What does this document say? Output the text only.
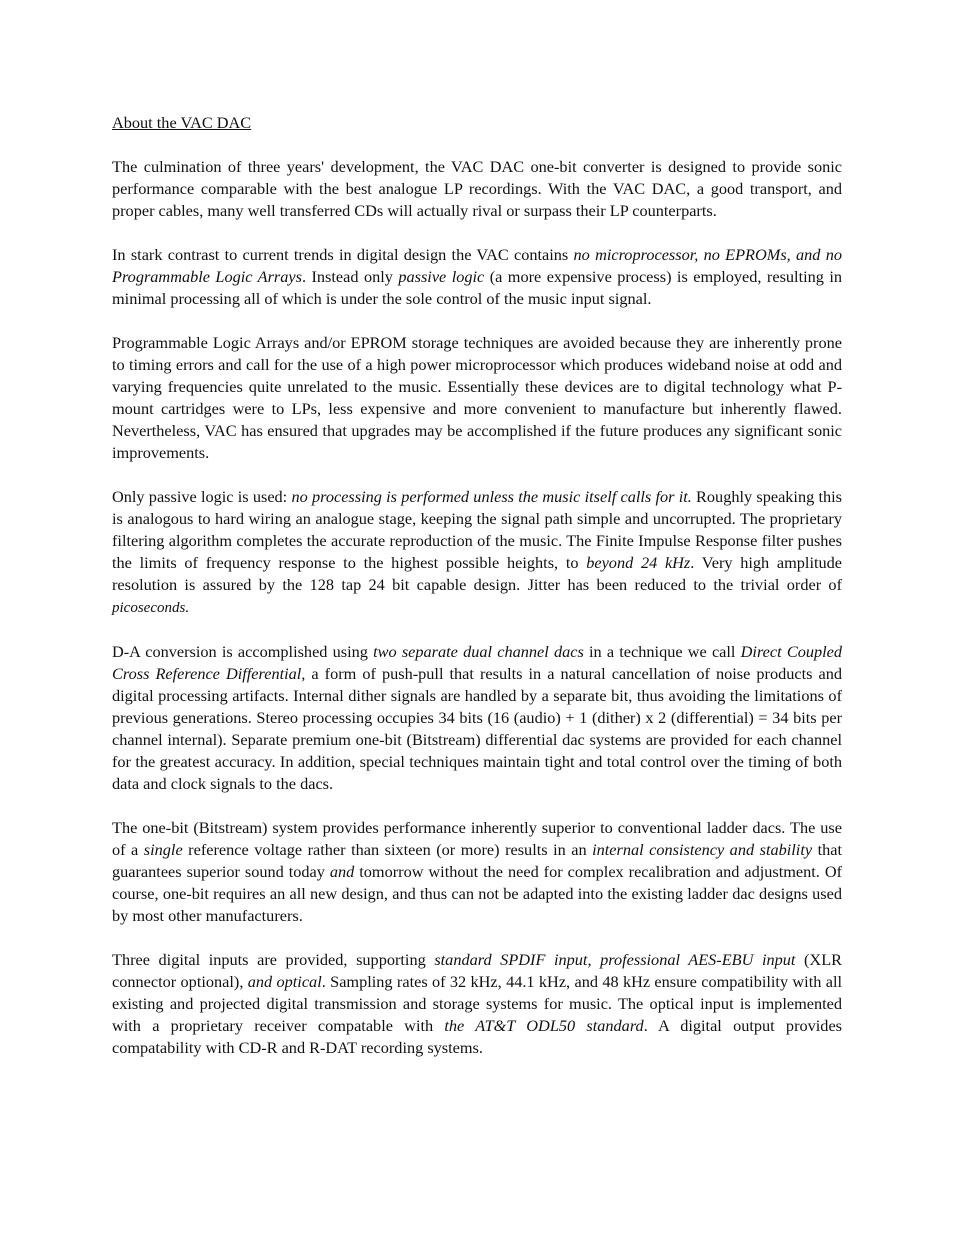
About the VAC DAC

The culmination of three years' development, the VAC DAC one-bit converter is designed to provide sonic performance comparable with the best analogue LP recordings. With the VAC DAC, a good transport, and proper cables, many well transferred CDs will actually rival or surpass their LP counterparts.

In stark contrast to current trends in digital design the VAC contains no microprocessor, no EPROMs, and no Programmable Logic Arrays. Instead only passive logic (a more expensive process) is employed, resulting in minimal processing all of which is under the sole control of the music input signal.

Programmable Logic Arrays and/or EPROM storage techniques are avoided because they are inherently prone to timing errors and call for the use of a high power microprocessor which produces wideband noise at odd and varying frequencies quite unrelated to the music. Essentially these devices are to digital technology what P-mount cartridges were to LPs, less expensive and more convenient to manufacture but inherently flawed. Nevertheless, VAC has ensured that upgrades may be accomplished if the future produces any significant sonic improvements.

Only passive logic is used: no processing is performed unless the music itself calls for it. Roughly speaking this is analogous to hard wiring an analogue stage, keeping the signal path simple and uncorrupted. The proprietary filtering algorithm completes the accurate reproduction of the music. The Finite Impulse Response filter pushes the limits of frequency response to the highest possible heights, to beyond 24 kHz. Very high amplitude resolution is assured by the 128 tap 24 bit capable design. Jitter has been reduced to the trivial order of picoseconds.

D-A conversion is accomplished using two separate dual channel dacs in a technique we call Direct Coupled Cross Reference Differential, a form of push-pull that results in a natural cancellation of noise products and digital processing artifacts. Internal dither signals are handled by a separate bit, thus avoiding the limitations of previous generations. Stereo processing occupies 34 bits (16 (audio) + 1 (dither) x 2 (differential) = 34 bits per channel internal). Separate premium one-bit (Bitstream) differential dac systems are provided for each channel for the greatest accuracy. In addition, special techniques maintain tight and total control over the timing of both data and clock signals to the dacs.

The one-bit (Bitstream) system provides performance inherently superior to conventional ladder dacs. The use of a single reference voltage rather than sixteen (or more) results in an internal consistency and stability that guarantees superior sound today and tomorrow without the need for complex recalibration and adjustment. Of course, one-bit requires an all new design, and thus can not be adapted into the existing ladder dac designs used by most other manufacturers.

Three digital inputs are provided, supporting standard SPDIF input, professional AES-EBU input (XLR connector optional), and optical. Sampling rates of 32 kHz, 44.1 kHz, and 48 kHz ensure compatibility with all existing and projected digital transmission and storage systems for music. The optical input is implemented with a proprietary receiver compatable with the AT&T ODL50 standard. A digital output provides compatability with CD-R and R-DAT recording systems.
